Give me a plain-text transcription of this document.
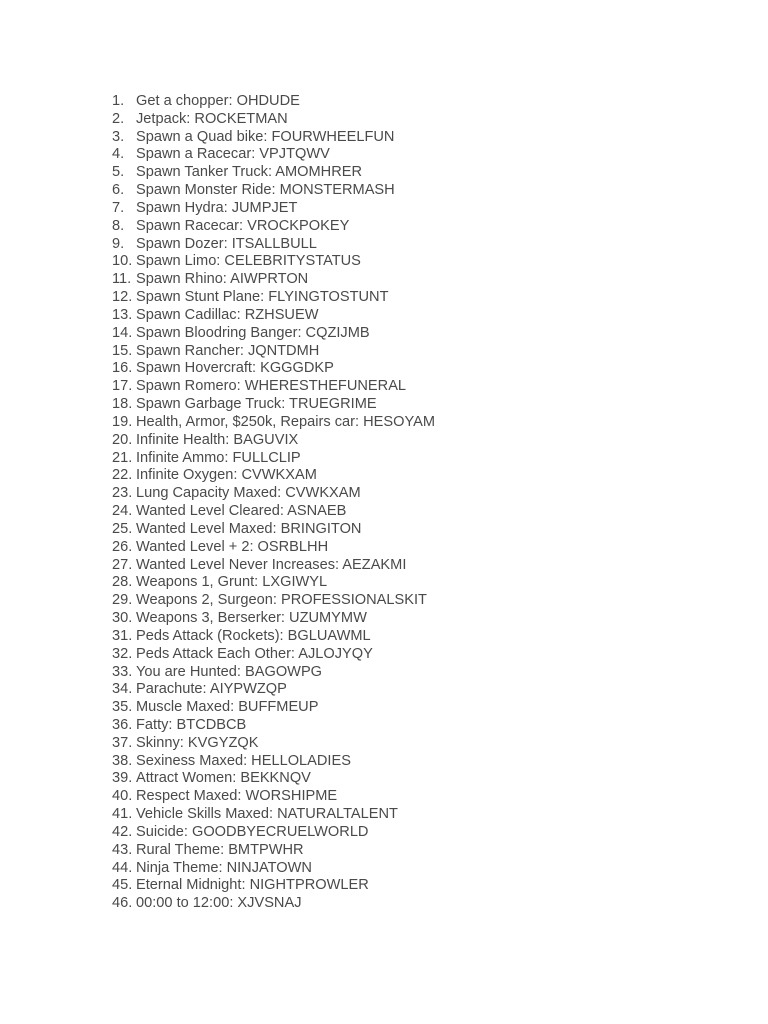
1. Get a chopper: OHDUDE
2. Jetpack: ROCKETMAN
3. Spawn a Quad bike: FOURWHEELFUN
4. Spawn a Racecar: VPJTQWV
5. Spawn Tanker Truck: AMOMHRER
6. Spawn Monster Ride: MONSTERMASH
7. Spawn Hydra: JUMPJET
8. Spawn Racecar: VROCKPOKEY
9. Spawn Dozer: ITSALLBULL
10. Spawn Limo: CELEBRITYSTATUS
11. Spawn Rhino: AIWPRTON
12. Spawn Stunt Plane: FLYINGTOSTUNT
13. Spawn Cadillac: RZHSUEW
14. Spawn Bloodring Banger: CQZIJMB
15. Spawn Rancher: JQNTDMH
16. Spawn Hovercraft: KGGGDKP
17. Spawn Romero: WHERESTHEFUNERAL
18. Spawn Garbage Truck: TRUEGRIME
19. Health, Armor, $250k, Repairs car: HESOYAM
20. Infinite Health: BAGUVIX
21. Infinite Ammo: FULLCLIP
22. Infinite Oxygen: CVWKXAM
23. Lung Capacity Maxed: CVWKXAM
24. Wanted Level Cleared: ASNAEB
25. Wanted Level Maxed: BRINGITON
26. Wanted Level + 2: OSRBLHH
27. Wanted Level Never Increases: AEZAKMI
28. Weapons 1, Grunt: LXGIWYL
29. Weapons 2, Surgeon: PROFESSIONALSKIT
30. Weapons 3, Berserker: UZUMYMW
31. Peds Attack (Rockets): BGLUAWML
32. Peds Attack Each Other: AJLOJYQY
33. You are Hunted: BAGOWPG
34. Parachute: AIYPWZQP
35. Muscle Maxed: BUFFMEUP
36. Fatty: BTCDBCB
37. Skinny: KVGYZQK
38. Sexiness Maxed: HELLOLADIES
39. Attract Women: BEKKNQV
40. Respect Maxed: WORSHIPME
41. Vehicle Skills Maxed: NATURALTALENT
42. Suicide: GOODBYECRUELWORLD
43. Rural Theme: BMTPWHR
44. Ninja Theme: NINJATOWN
45. Eternal Midnight: NIGHTPROWLER
46. 00:00 to 12:00: XJVSNAJ
